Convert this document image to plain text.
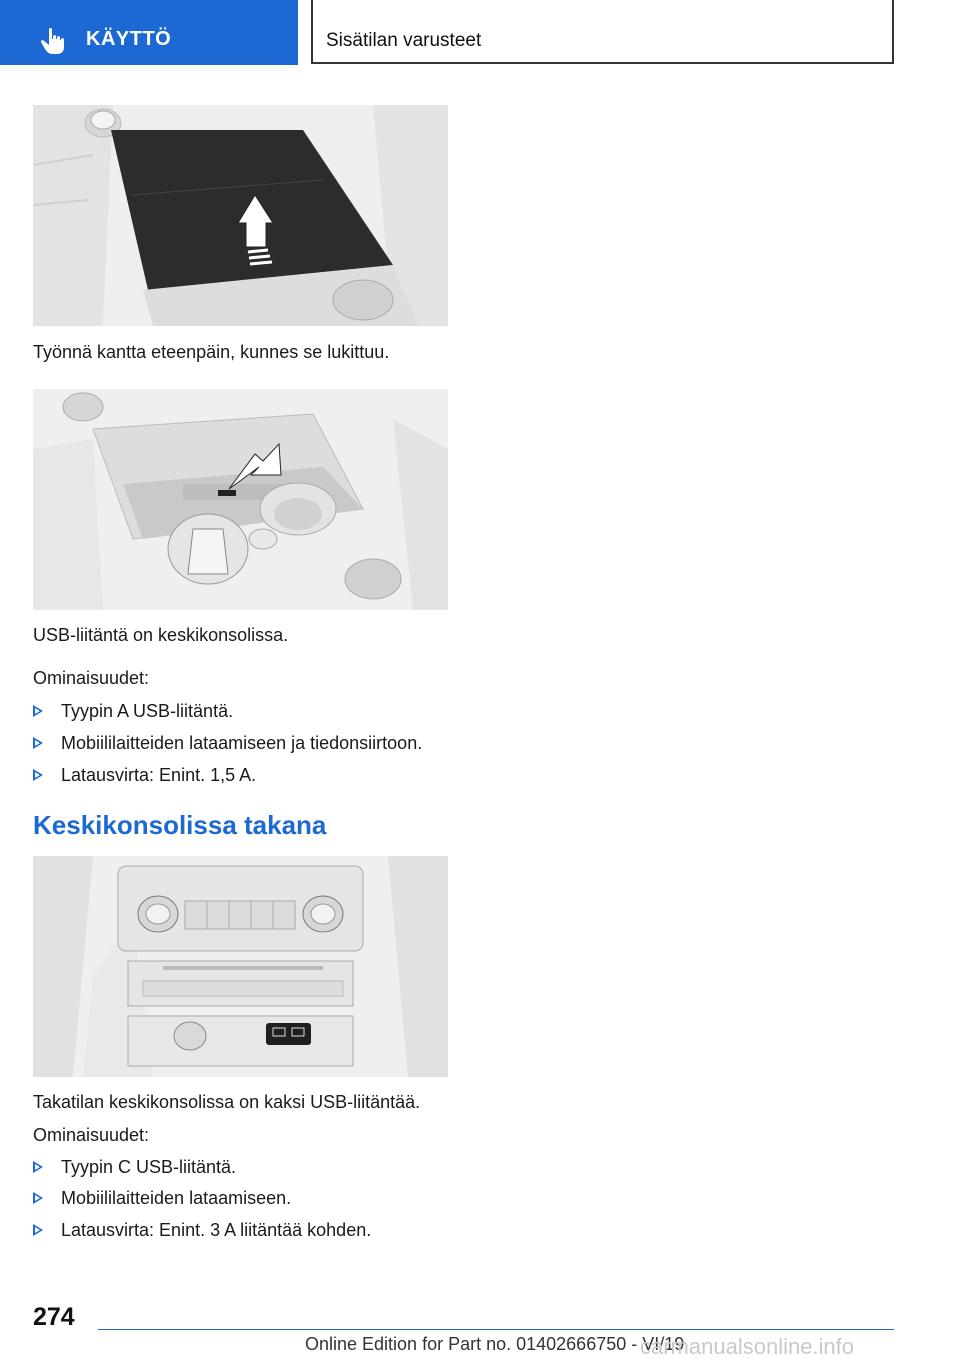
KÄYTTÖ	Sisätilan varusteet
Työnnä kantta eteenpäin, kunnes se lukittuu.
USB-liitäntä on keskikonsolissa.
Ominaisuudet:
Tyypin A USB-liitäntä.
Mobiililaitteiden lataamiseen ja tiedonsiirtoon.
Latausvirta: Enint. 1,5 A.
Keskikonsolissa takana
Takatilan keskikonsolissa on kaksi USB-liitäntää.
Ominaisuudet:
Tyypin C USB-liitäntä.
Mobiililaitteiden lataamiseen.
Latausvirta: Enint. 3 A liitäntää kohden.
274
Online Edition for Part no. 01402666750 - VI/19
carmanualsonline.info
